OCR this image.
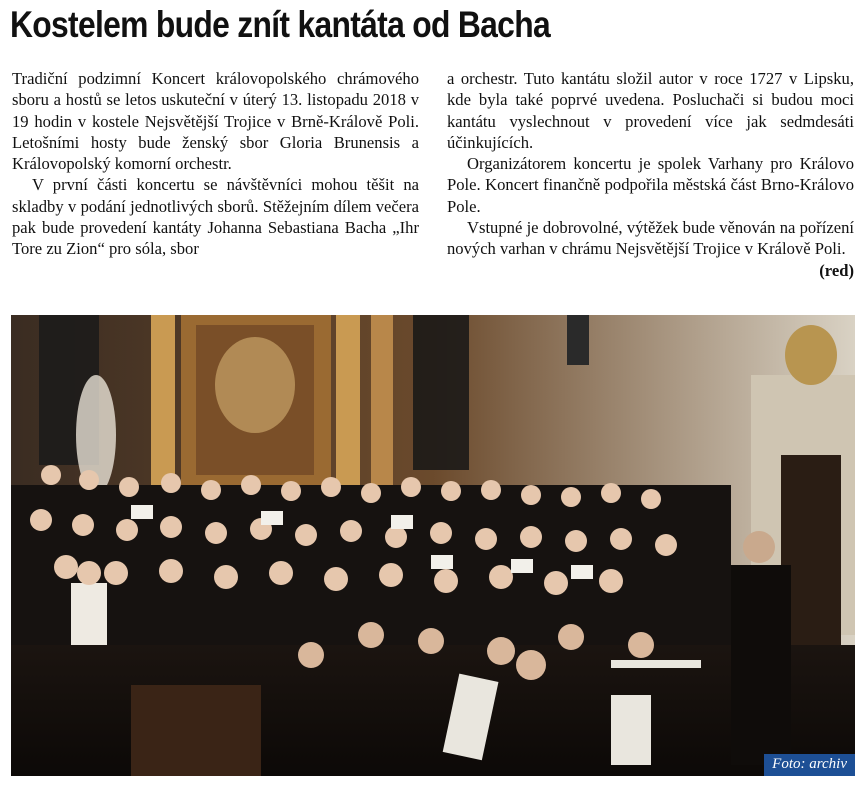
Kostelem bude znít kantáta od Bacha

Tradiční podzimní Koncert královopolského chrámového sboru a hostů se letos uskuteční v úterý 13. listopadu 2018 v 19 hodin v kostele Nejsvětější Trojice v Brně-Králově Poli. Letošními hosty bude ženský sbor Gloria Brunensis a Královopolský komorní orchestr.

V první části koncertu se návštěvníci mohou těšit na skladby v podání jednotlivých sborů. Stěžejním dílem večera pak bude provedení kantáty Johanna Sebastiana Bacha „Ihr Tore zu Zion“ pro sóla, sbor

a orchestr. Tuto kantátu složil autor v roce 1727 v Lipsku, kde byla také poprvé uvedena. Posluchači si budou moci kantátu vyslechnout v provedení více jak sedmdesáti účinkujících.

Organizátorem koncertu je spolek Varhany pro Královo Pole. Koncert finančně podpořila městská část Brno-Královo Pole.

Vstupné je dobrovolné, výtěžek bude věnován na pořízení nových varhan v chrámu Nejsvětější Trojice v Králově Poli.
(red)

Foto: archiv
